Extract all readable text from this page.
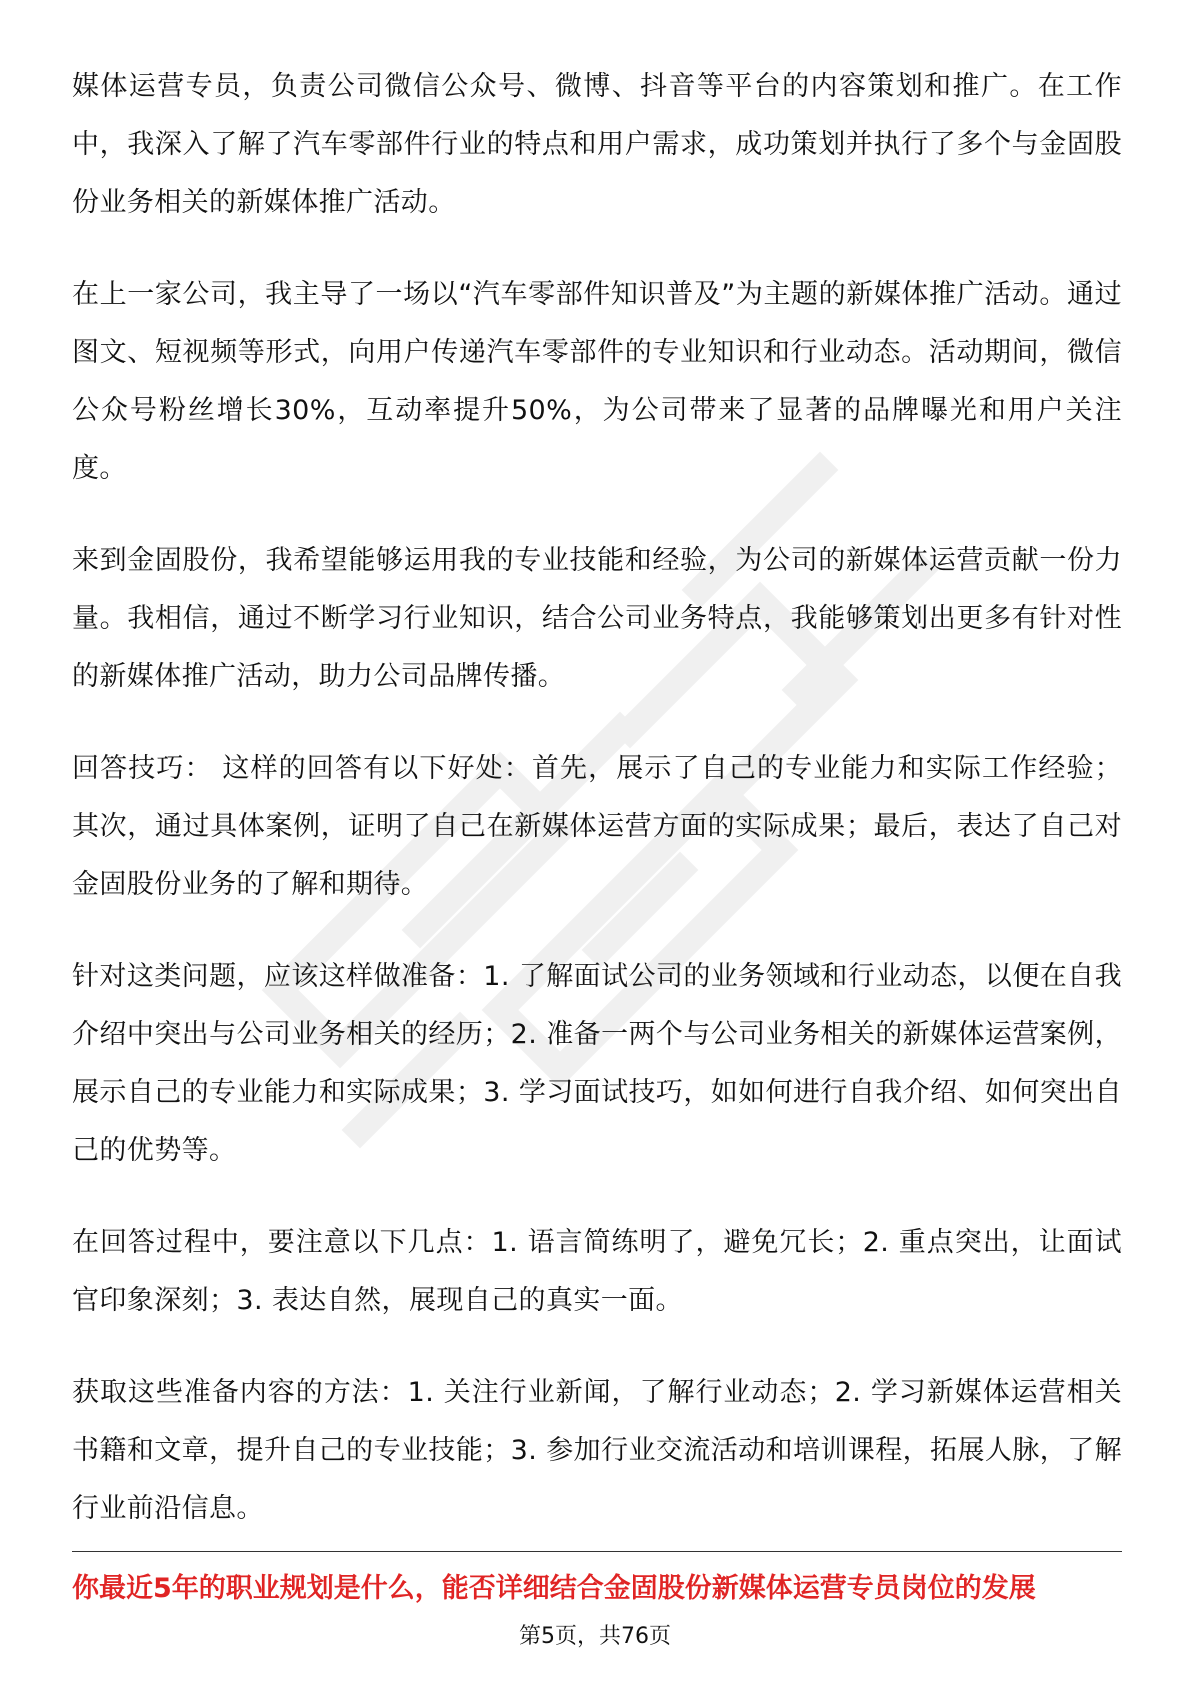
媒体运营专员，负责公司微信公众号、微博、抖音等平台的内容策划和推广。在工作中，我深入了解了汽车零部件行业的特点和用户需求，成功策划并执行了多个与金固股份业务相关的新媒体推广活动。

在上一家公司，我主导了一场以“汽车零部件知识普及”为主题的新媒体推广活动。通过图文、短视频等形式，向用户传递汽车零部件的专业知识和行业动态。活动期间，微信公众号粉丝增长30%，互动率提升50%，为公司带来了显著的品牌曝光和用户关注度。

来到金固股份，我希望能够运用我的专业技能和经验，为公司的新媒体运营贡献一份力量。我相信，通过不断学习行业知识，结合公司业务特点，我能够策划出更多有针对性的新媒体推广活动，助力公司品牌传播。

回答技巧： 这样的回答有以下好处：首先，展示了自己的专业能力和实际工作经验；其次，通过具体案例，证明了自己在新媒体运营方面的实际成果；最后，表达了自己对金固股份业务的了解和期待。

针对这类问题，应该这样做准备：1. 了解面试公司的业务领域和行业动态，以便在自我介绍中突出与公司业务相关的经历；2. 准备一两个与公司业务相关的新媒体运营案例，展示自己的专业能力和实际成果；3. 学习面试技巧，如如何进行自我介绍、如何突出自己的优势等。

在回答过程中，要注意以下几点：1. 语言简练明了，避免冗长；2. 重点突出，让面试官印象深刻；3. 表达自然，展现自己的真实一面。

获取这些准备内容的方法：1. 关注行业新闻，了解行业动态；2. 学习新媒体运营相关书籍和文章，提升自己的专业技能；3. 参加行业交流活动和培训课程，拓展人脉，了解行业前沿信息。

你最近5年的职业规划是什么，能否详细结合金固股份新媒体运营专员岗位的发展
第5页，共76页
